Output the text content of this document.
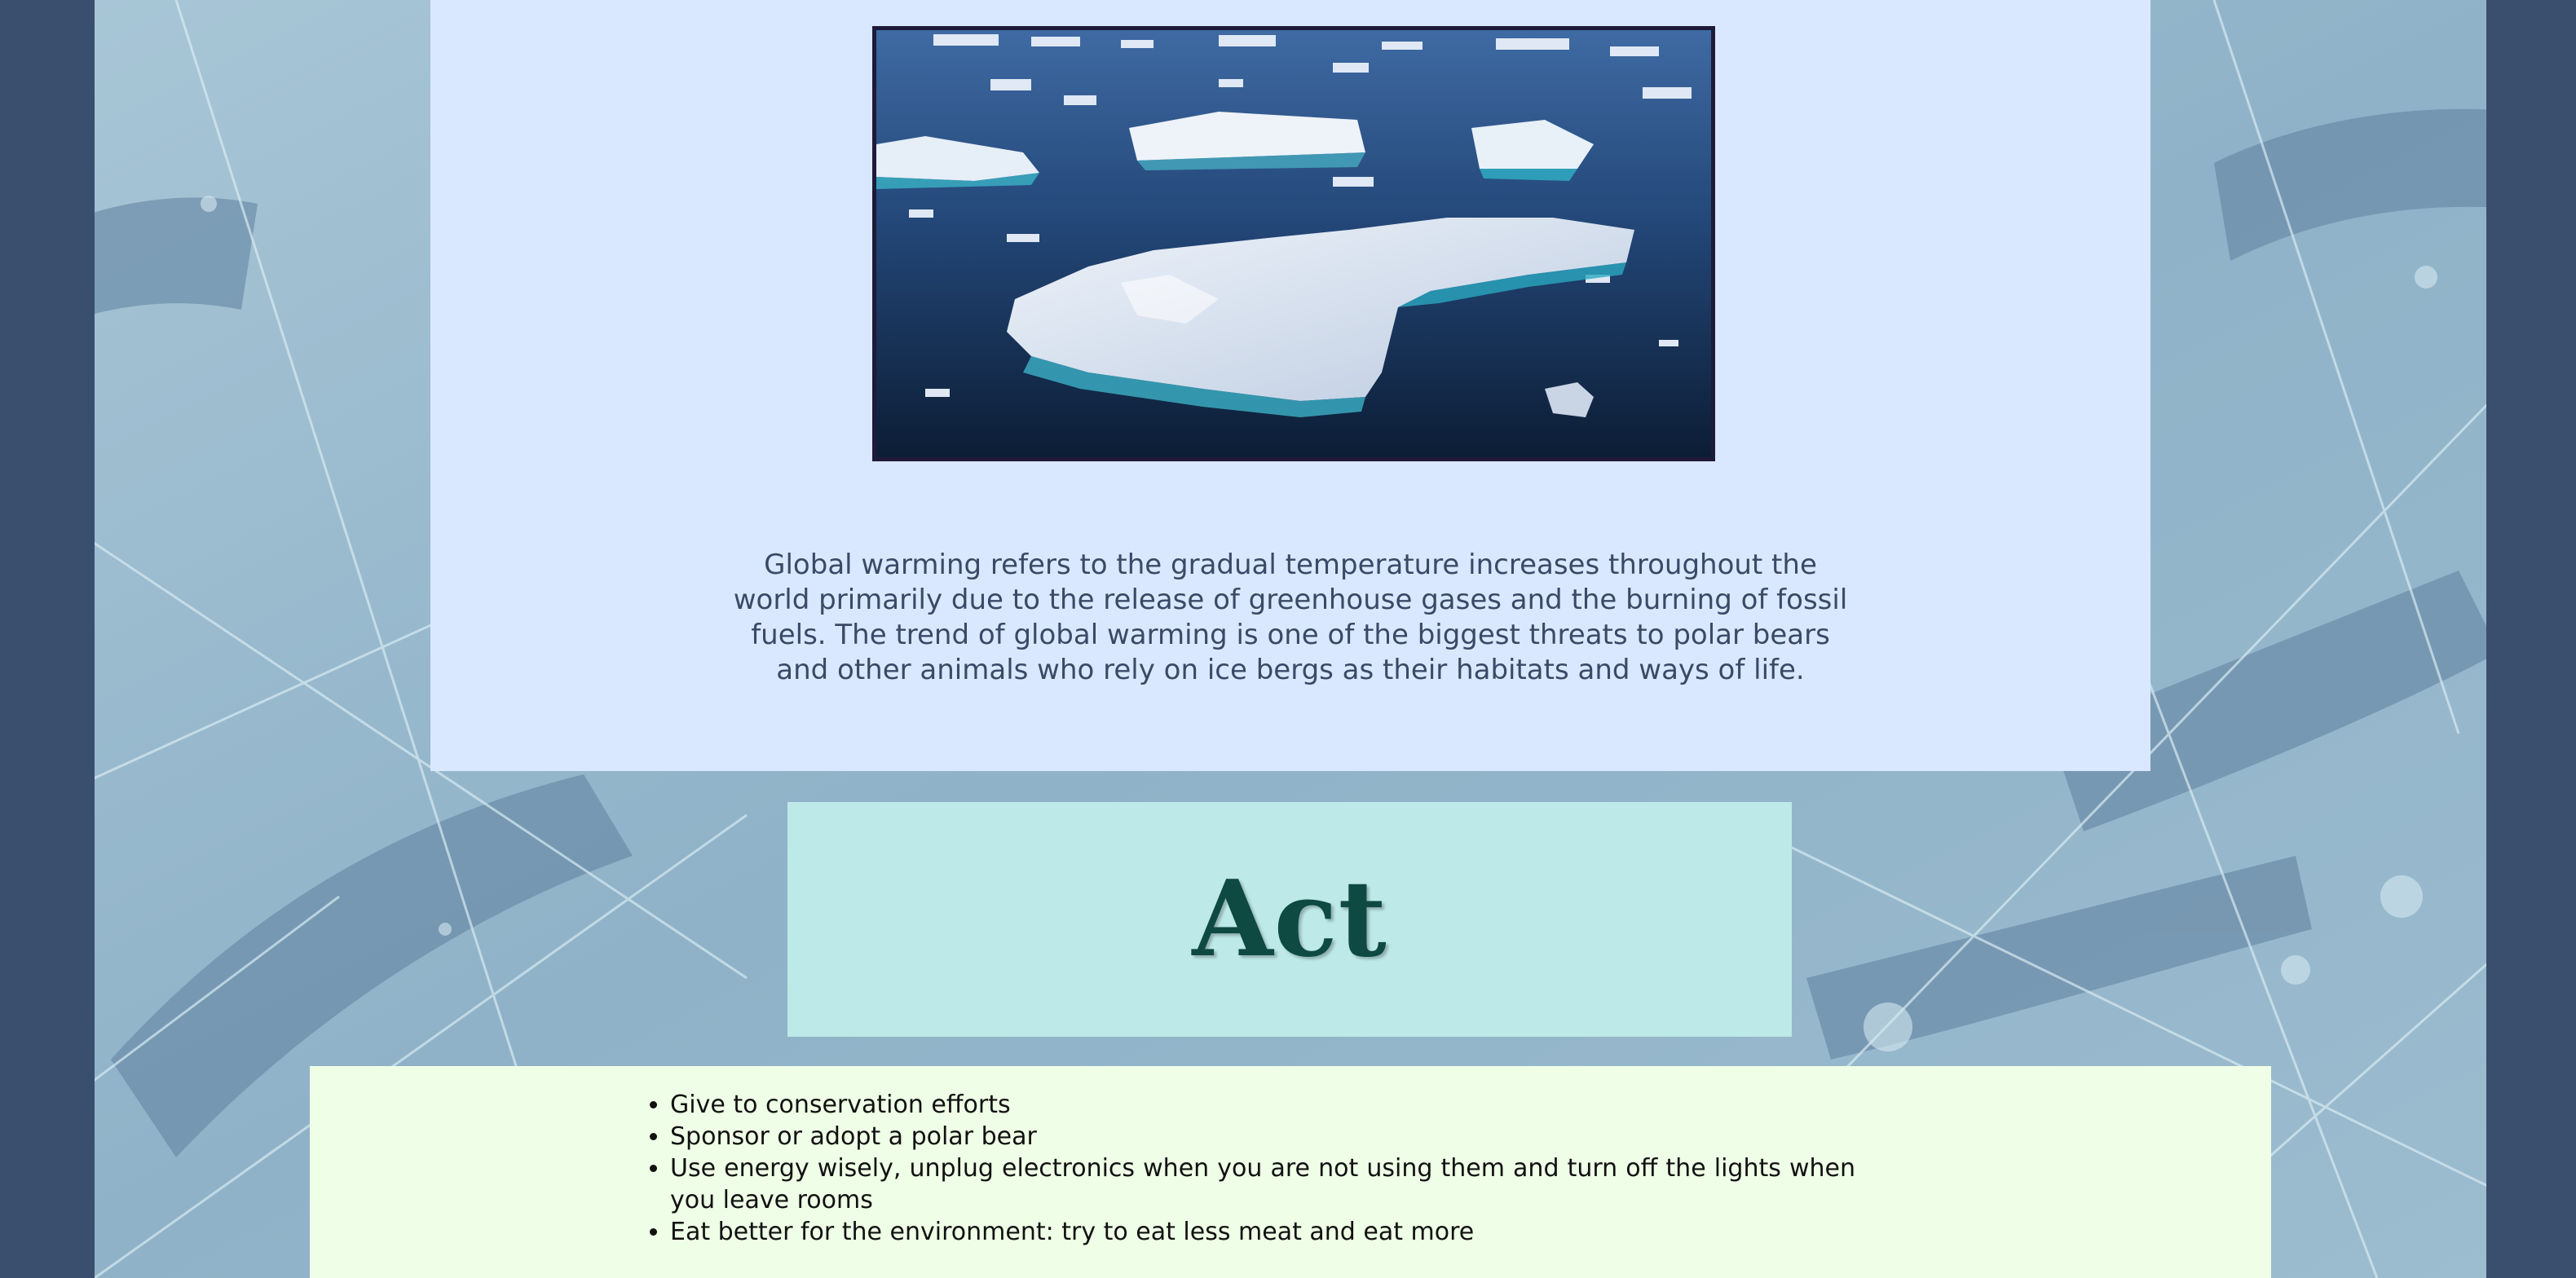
Global warming refers to the gradual temperature increases throughout the world primarily due to the release of greenhouse gases and the burning of fossil fuels. The trend of global warming is one of the biggest threats to polar bears and other animals who rely on ice bergs as their habitats and ways of life.

Act
• Give to conservation efforts
• Sponsor or adopt a polar bear
• Use energy wisely, unplug electronics when you are not using them and turn off the lights when you leave rooms
• Eat better for the environment: try to eat less meat and eat more
